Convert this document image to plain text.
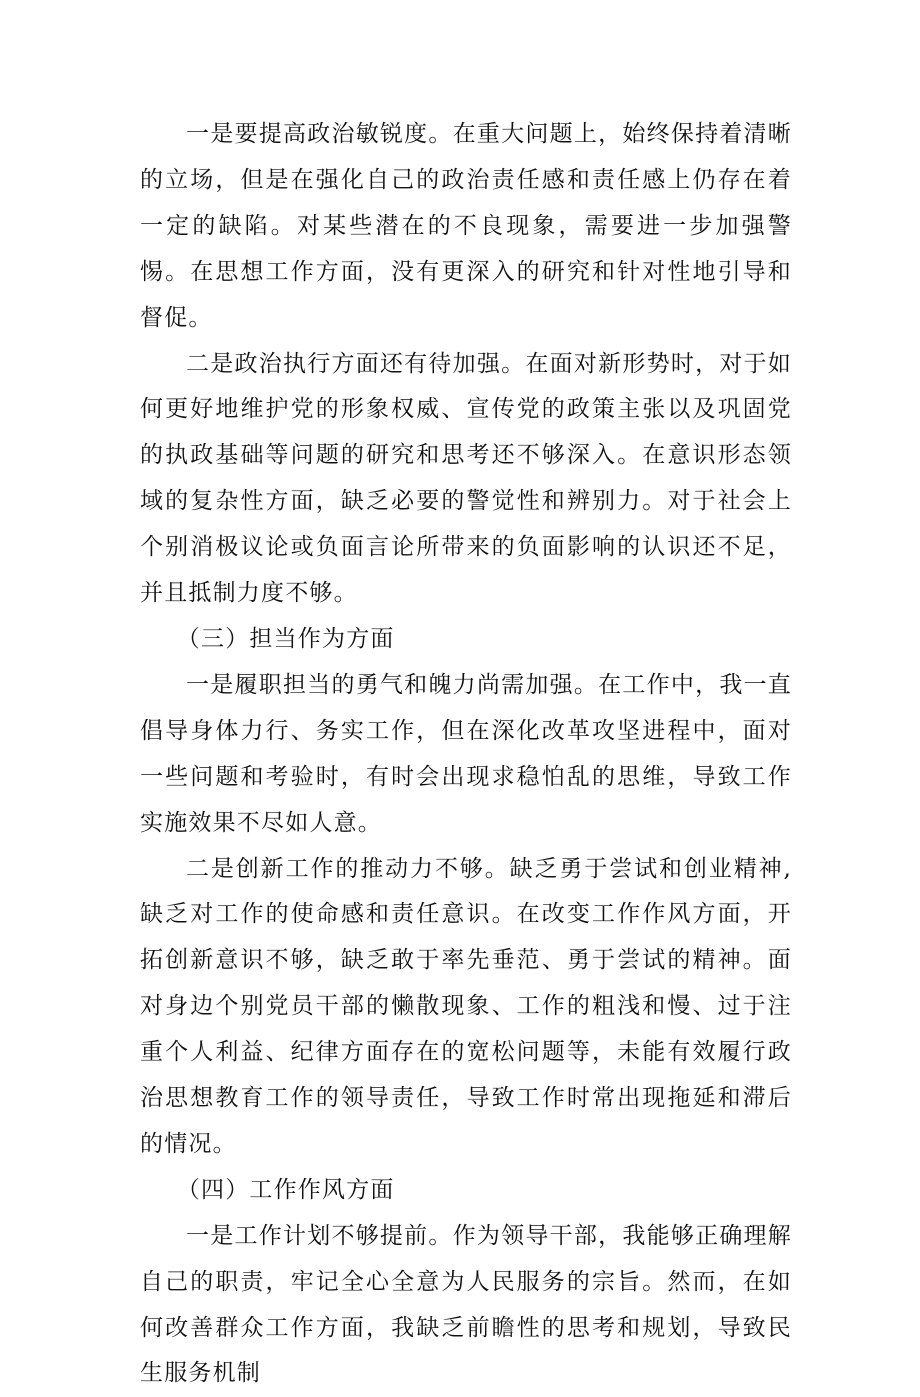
一是要提高政治敏锐度。在重大问题上，始终保持着清晰的立场，但是在强化自己的政治责任感和责任感上仍存在着一定的缺陷。对某些潜在的不良现象，需要进一步加强警惕。在思想工作方面，没有更深入的研究和针对性地引导和督促。

二是政治执行方面还有待加强。在面对新形势时，对于如何更好地维护党的形象权威、宣传党的政策主张以及巩固党的执政基础等问题的研究和思考还不够深入。在意识形态领域的复杂性方面，缺乏必要的警觉性和辨别力。对于社会上个别消极议论或负面言论所带来的负面影响的认识还不足，并且抵制力度不够。

（三）担当作为方面

一是履职担当的勇气和魄力尚需加强。在工作中，我一直倡导身体力行、务实工作，但在深化改革攻坚进程中，面对一些问题和考验时，有时会出现求稳怕乱的思维，导致工作实施效果不尽如人意。

二是创新工作的推动力不够。缺乏勇于尝试和创业精神,缺乏对工作的使命感和责任意识。在改变工作作风方面，开拓创新意识不够，缺乏敢于率先垂范、勇于尝试的精神。面对身边个别党员干部的懒散现象、工作的粗浅和慢、过于注重个人利益、纪律方面存在的宽松问题等，未能有效履行政治思想教育工作的领导责任，导致工作时常出现拖延和滞后的情况。

（四）工作作风方面

一是工作计划不够提前。作为领导干部，我能够正确理解自己的职责，牢记全心全意为人民服务的宗旨。然而，在如何改善群众工作方面，我缺乏前瞻性的思考和规划，导致民生服务机制
